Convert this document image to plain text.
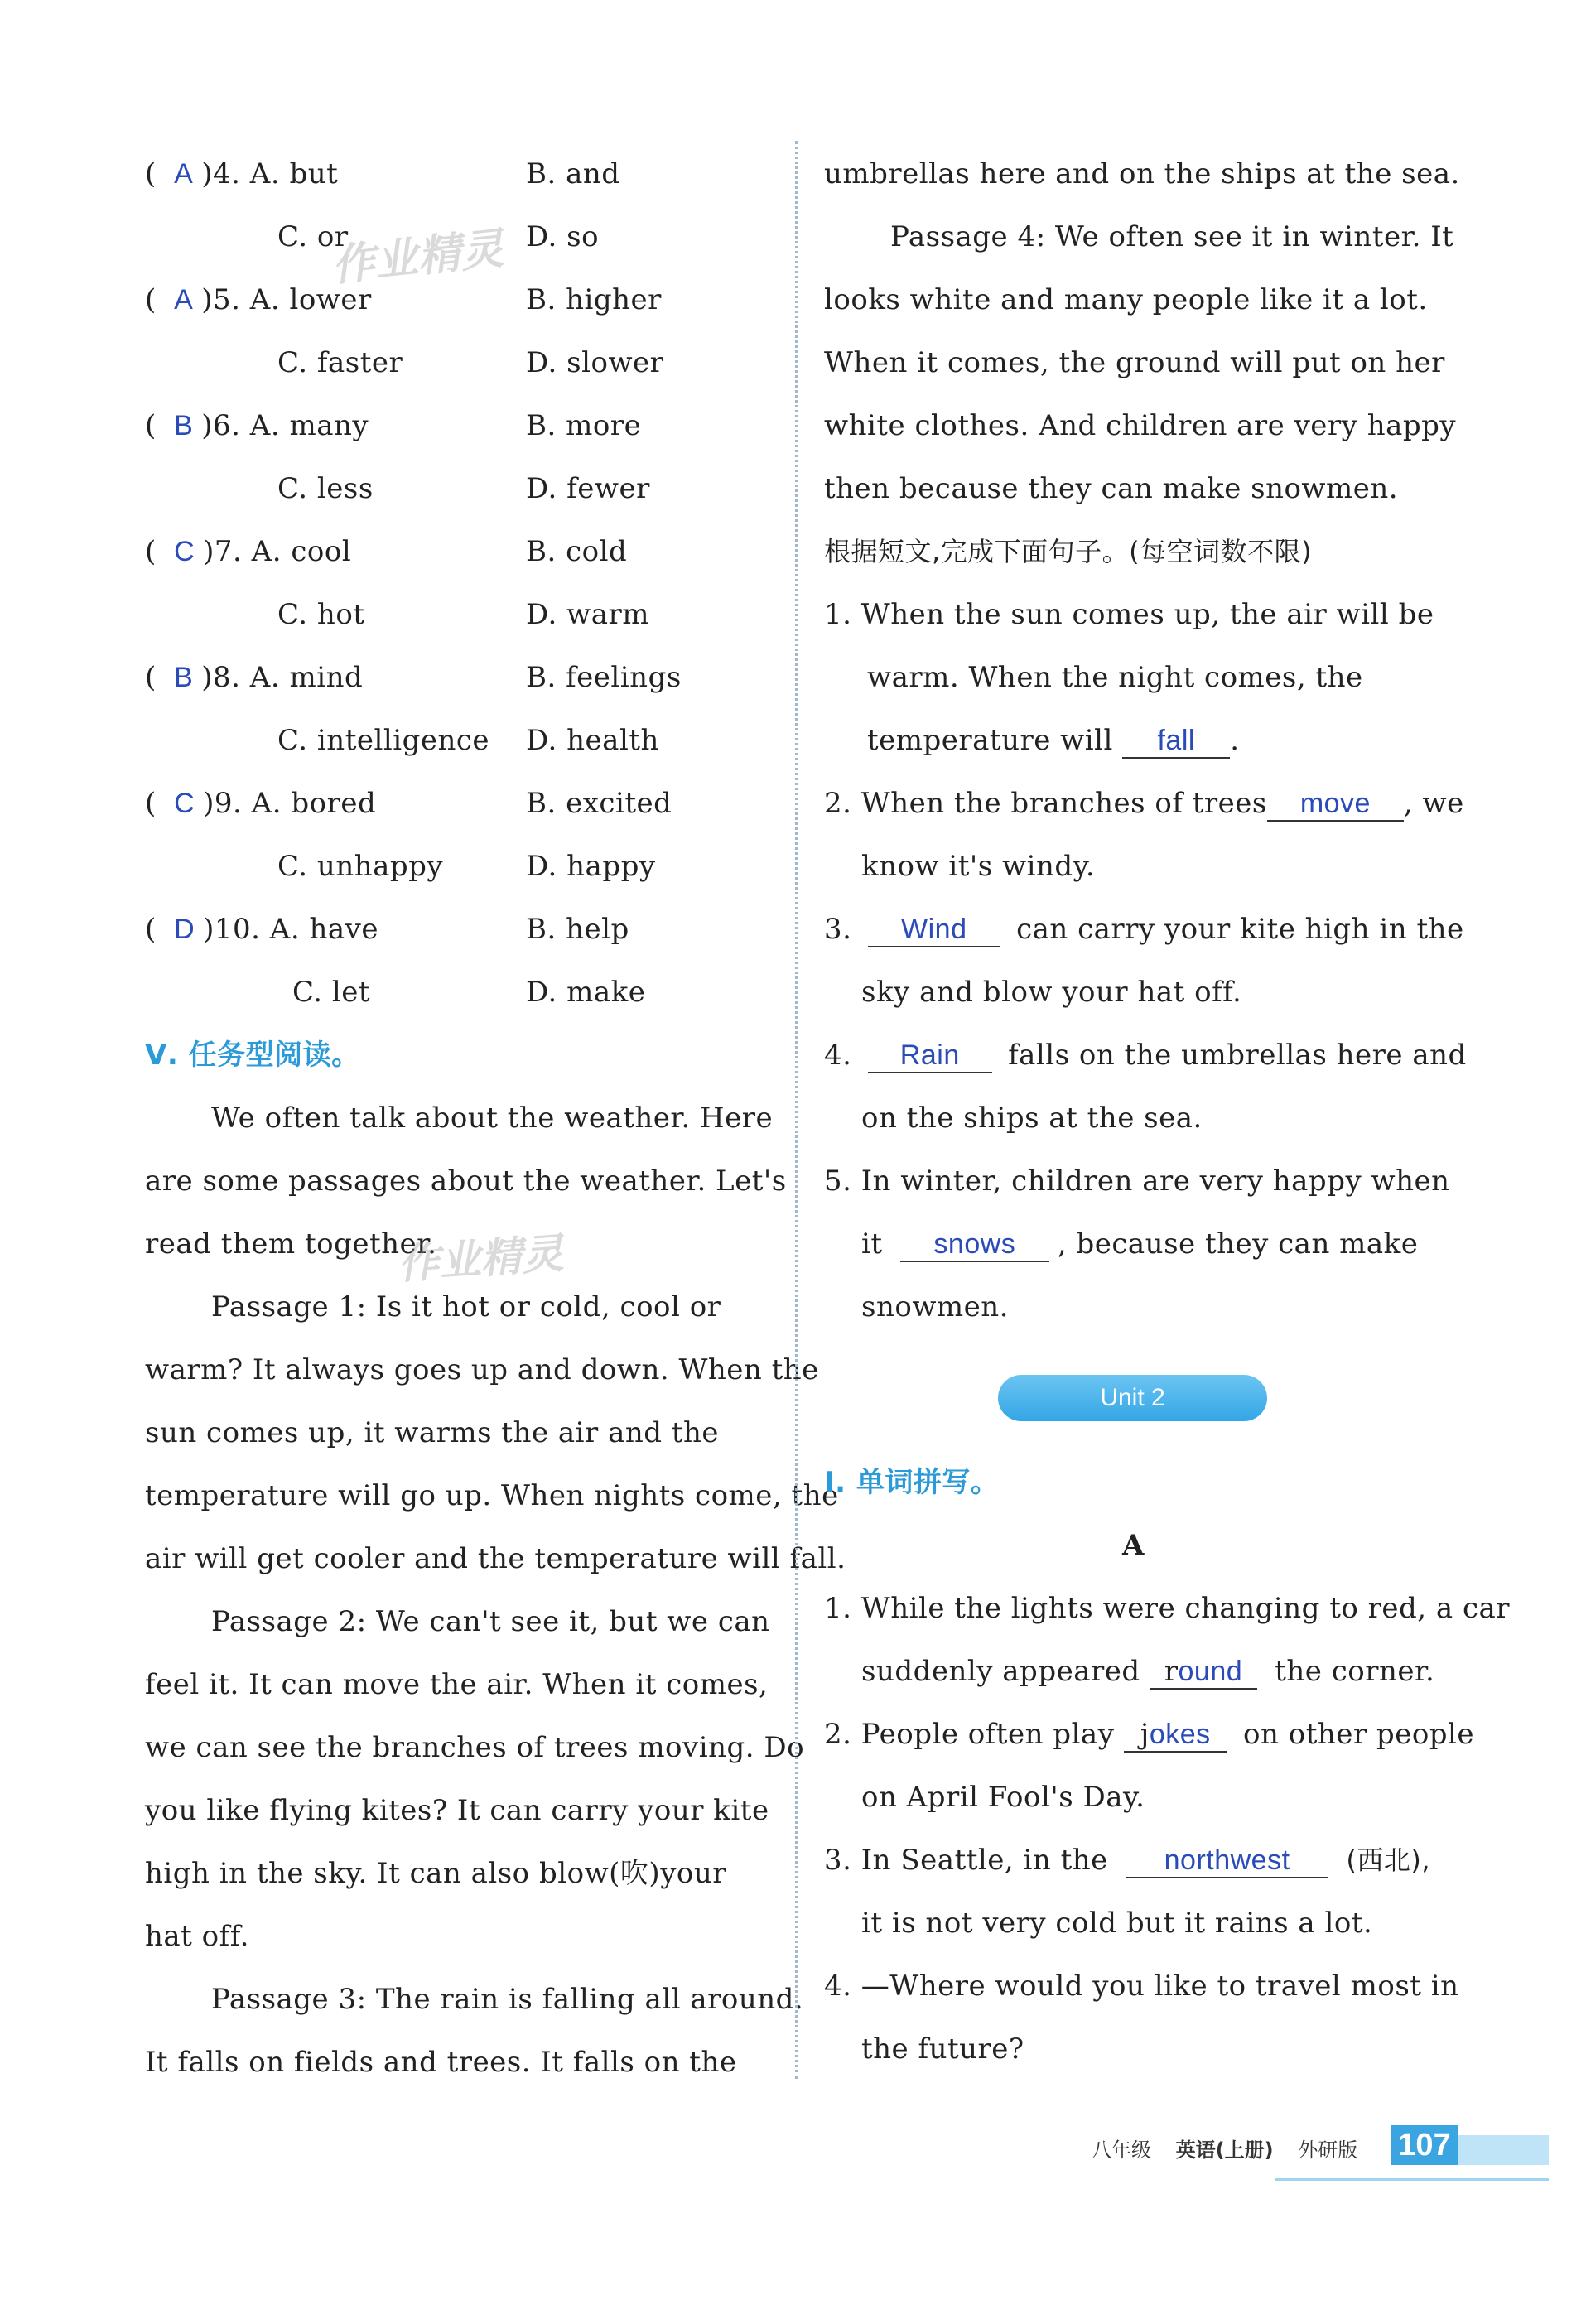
( A )4. A. but	B. and
C. or	D. so
( A )5. A. lower	B. higher
C. faster	D. slower
( B )6. A. many	B. more
C. less	D. fewer
( C )7. A. cool	B. cold
C. hot	D. warm
( B )8. A. mind	B. feelings
C. intelligence D. health
( C )9. A. bored	B. excited
C. unhappy	D. happy
( D )10. A. have	B. help
C. let	D. make
Ⅴ. 任务型阅读。
We often talk about the weather. Here
are some passages about the weather. Let's
read them together.
Passage 1: Is it hot or cold, cool or
warm? It always goes up and down. When the
sun comes up, it warms the air and the
temperature will go up. When nights come, the
air will get cooler and the temperature will fall.
Passage 2: We can't see it, but we can
feel it. It can move the air. When it comes,
we can see the branches of trees moving. Do
you like flying kites? It can carry your kite
high in the sky. It can also blow(吹)your
hat off.
Passage 3: The rain is falling all around.
It falls on fields and trees. It falls on the
umbrellas here and on the ships at the sea.
Passage 4: We often see it in winter. It
looks white and many people like it a lot.
When it comes, the ground will put on her
white clothes. And children are very happy
then because they can make snowmen.
根据短文,完成下面句子。(每空词数不限)
1. When the sun comes up, the air will be
warm. When the night comes, the
temperature will fall .
2. When the branches of trees move , we
know it's windy.
3. Wind can carry your kite high in the
sky and blow your hat off.
4. Rain falls on the umbrellas here and
on the ships at the sea.
5. In winter, children are very happy when
it snows , because they can make
snowmen.
Unit 2
Ⅰ. 单词拼写。
A
1. While the lights were changing to red, a car
suddenly appeared round the corner.
2. People often play jokes on other people
on April Fool's Day.
3. In Seattle, in the northwest (西北),
it is not very cold but it rains a lot.
4. —Where would you like to travel most in
the future?
作业精灵
作业精灵
八年级 英语(上册) 外研版 107
